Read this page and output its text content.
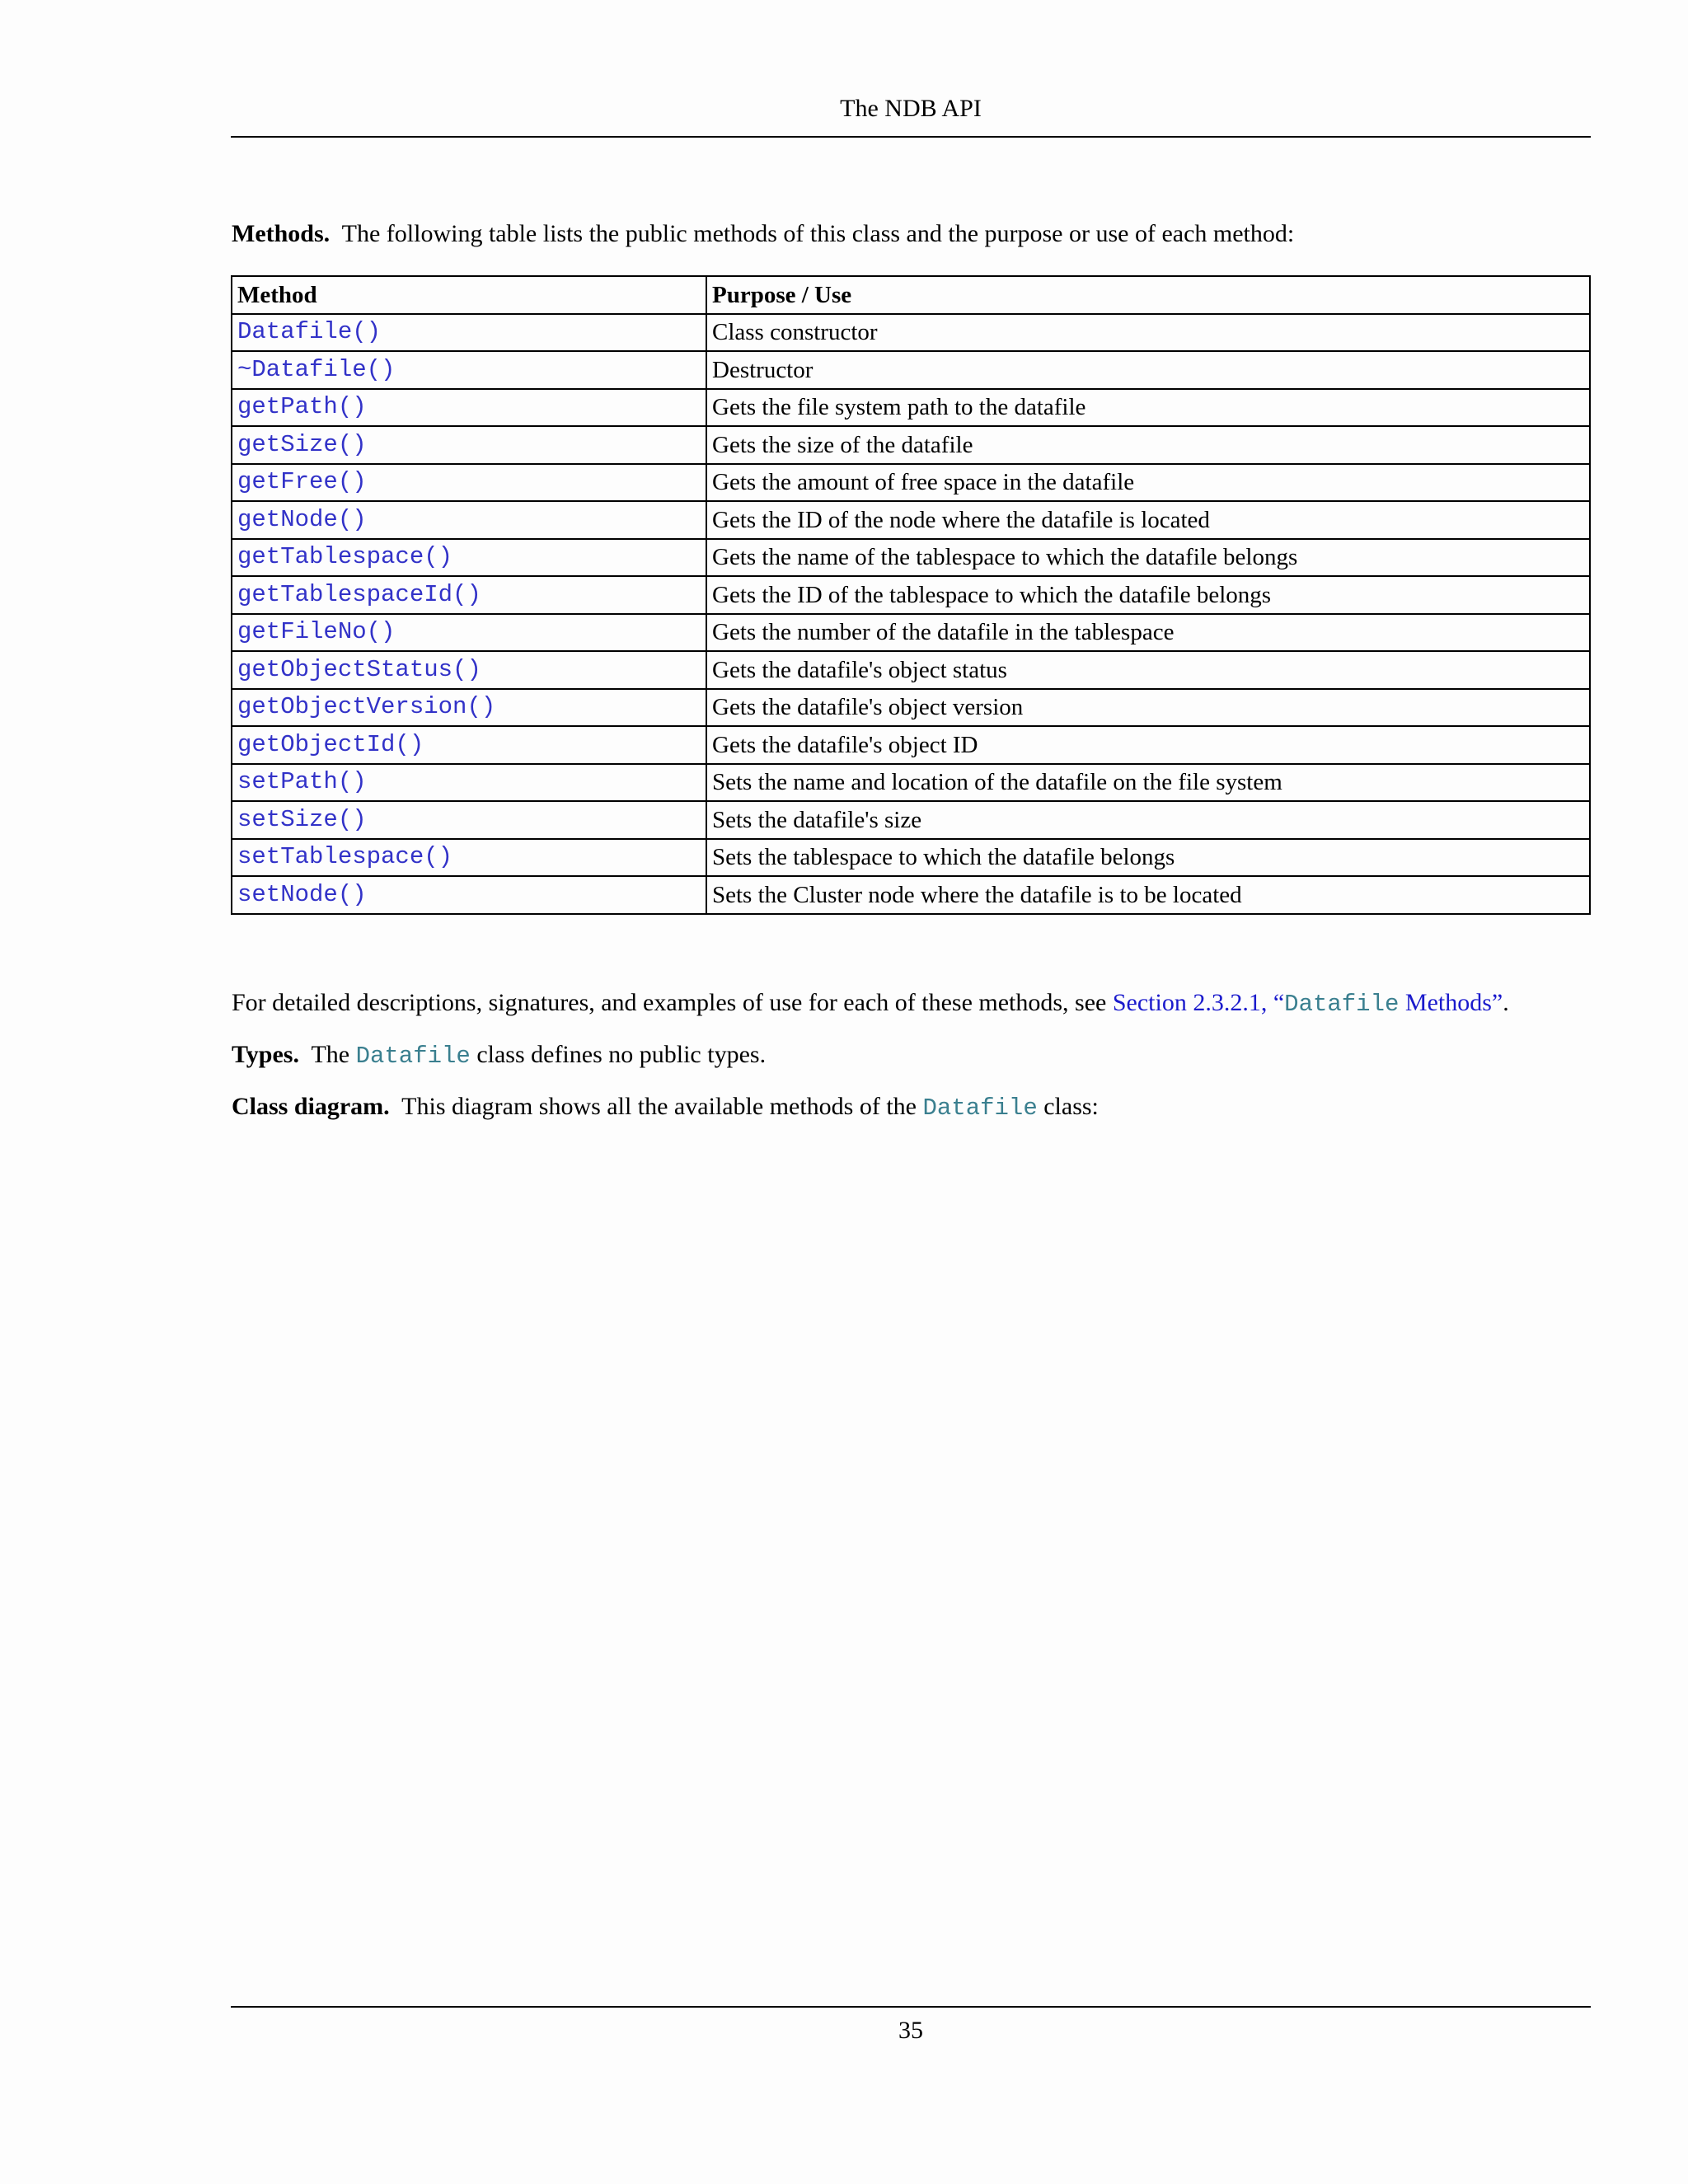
The NDB API
Methods. The following table lists the public methods of this class and the purpose or use of each method:
Method	Purpose / Use
Datafile()	Class constructor
~Datafile()	Destructor
getPath()	Gets the file system path to the datafile
getSize()	Gets the size of the datafile
getFree()	Gets the amount of free space in the datafile
getNode()	Gets the ID of the node where the datafile is located
getTablespace()	Gets the name of the tablespace to which the datafile belongs
getTablespaceId()	Gets the ID of the tablespace to which the datafile belongs
getFileNo()	Gets the number of the datafile in the tablespace
getObjectStatus()	Gets the datafile's object status
getObjectVersion()	Gets the datafile's object version
getObjectId()	Gets the datafile's object ID
setPath()	Sets the name and location of the datafile on the file system
setSize()	Sets the datafile's size
setTablespace()	Sets the tablespace to which the datafile belongs
setNode()	Sets the Cluster node where the datafile is to be located
For detailed descriptions, signatures, and examples of use for each of these methods, see Section 2.3.2.1, “Datafile Methods”.
Types. The Datafile class defines no public types.
Class diagram. This diagram shows all the available methods of the Datafile class:
35
